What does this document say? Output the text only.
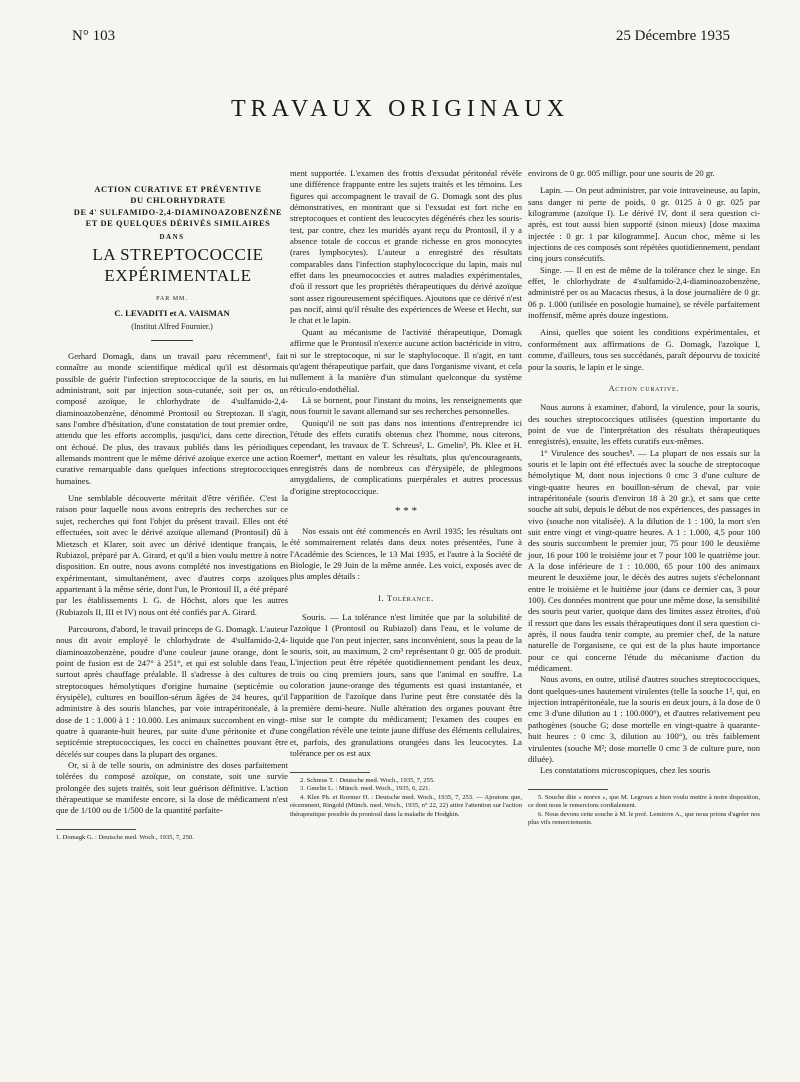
N° 103	25 Décembre 1935
TRAVAUX ORIGINAUX

ACTION CURATIVE ET PRÉVENTIVE

DU CHLORHYDRATE

DE 4' SULFAMIDO-2,4-DIAMINOAZOBENZÈNE

ET DE QUELQUES DÉRIVÉS SIMILAIRES

DANS

LA STREPTOCOCCIE

EXPÉRIMENTALE

PAR MM.
C. LEVADITI et A. VAISMAN
(Institut Alfred Fournier.)

Gerhard Domagk, dans un travail paru récemment¹, fait connaître au monde scientifique médical qu'il est désormais possible de guérir l'infection streptococcique de la souris, en lui administrant, soit par injection sous-cutanée, soit per os, un composé azoïque, le chlorhydrate de 4'sulfamido-2,4-diaminoazobenzène, dénommé Prontosil ou Streptozan. Il s'agit, sans l'ombre d'hésitation, d'une constatation de tout premier ordre, attendu que les efforts accomplis, jusqu'ici, dans cette direction, ont échoué. De plus, des travaux publiés dans les périodiques allemands montrent que le même dérivé azoïque exerce une action curative remarquable dans quelques infections streptococciques humaines.

Une semblable découverte méritait d'être vérifiée. C'est la raison pour laquelle nous avons entrepris des recherches sur ce sujet, recherches qui font l'objet du présent travail. Elles ont été effectuées, soit avec le dérivé azoïque allemand (Prontosil) dû à Mietzsch et Klarer, soit avec un dérivé identique français, le Rubiazol, préparé par A. Girard, et qu'il a bien voulu mettre à notre disposition. En outre, nous avons complété nos investigations en expérimentant, simultanément, avec d'autres corps azoïques appartenant à la même série, dont l'un, le Prontosil II, a été préparé par les établissements I. G. de Höchst, alors que les autres (Rubiazols II, III et IV) nous ont été confiés par A. Girard.

Parcourons, d'abord, le travail princeps de G. Domagk. L'auteur nous dit avoir employé le chlorhydrate de 4'sulfamido-2,4-diaminoazobenzène, poudre d'une couleur jaune orange, dont le point de fusion est de 247° à 251°, et qui est soluble dans l'eau, surtout après chauffage préalable. Il s'adresse à des cultures de streptocoques hémolytiques d'origine humaine (septicémie ou érysipèle), cultures en bouillon-sérum âgées de 24 heures, qu'il administre à des souris blanches, par voie intrapéritonéale, à la dose de 1 : 1.000 à 1 : 10.000. Les animaux succombent en vingt-quatre à quarante-huit heures, par suite d'une péritonite et d'une septicémie streptococciques, les cocci en chaînettes pouvant être décelés sur coupes dans la plupart des organes.

Or, si à de telle souris, on administre des doses parfaitement tolérées du composé azoïque, on constate, soit une survie prolongée des sujets traités, soit leur guérison définitive. L'action thérapeutique se manifeste encore, si la dose de médicament n'est que de 1/100 ou de 1/500 de la quantité parfaite-

1. Domagk G. : Deutsche med. Woch., 1935, 7, 250.

ment supportée. L'examen des frottis d'exsudat péritonéal révèle une différence frappante entre les sujets traités et les témoins. Les figures qui accompagnent le travail de G. Domagk sont des plus démonstratives, en montrant que si l'exsudat est fort riche en streptocoques et contient des leucocytes dégénérés chez les souris-test, par contre, chez les muridés ayant reçu du Prontosil, il y a absence totale de coccus et grande richesse en gros monocytes (rares lymphocytes). L'auteur a enregistré des résultats comparables dans l'infection staphylococcique du lapin, mais nul effet dans les pneumococcies et autres maladies expérimentales, d'où il ressort que les propriétés thérapeutiques du dérivé azoïque sont assez rigoureusement spécifiques. Ajoutons que ce dérivé n'est pas nocif, ainsi qu'il résulte des expériences de Weese et Hecht, sur le chat et le lapin.

Quant au mécanisme de l'activité thérapeutique, Domagk affirme que le Prontosil n'exerce aucune action bactéricide in vitro, ni sur le streptocoque, ni sur le staphylocoque. Il n'agit, en tant qu'agent thérapeutique parfait, que dans l'organisme vivant, et cela nullement à la manière d'un stimulant quelconque du système réticulo-endothélial.

Là se bornent, pour l'instant du moins, les renseignements que nous fournit le savant allemand sur ses recherches personnelles.

Quoiqu'il ne soit pas dans nos intentions d'entreprendre ici l'étude des effets curatifs obtenus chez l'homme, nous citerons, cependant, les travaux de T. Schreus², L. Gmelin³, Ph. Klee et H. Roemer⁴, mettant en valeur les résultats, plus qu'encourageants, enregistrés dans de nombreux cas d'érysipèle, de phlegmons amygdaliens, de complications puerpérales et autres processus d'origine streptococcique.

* * *

Nos essais ont été commencés en Avril 1935; les résultats ont été sommairement relatés dans deux notes présentées, l'une à l'Académie des Sciences, le 13 Mai 1935, et l'autre à la Société de Biologie, le 29 Juin de la même année. Les voici, exposés avec de plus amples détails :

I. Tolérance.

Souris. — La tolérance n'est limitée que par la solubilité de l'azoïque I (Prontosil ou Rubiazol) dans l'eau, et le volume de liquide que l'on peut injecter, sans inconvénient, sous la peau de la souris, soit, au maximum, 2 cm³ représentant 0 gr. 005 de produit. L'injection peut être répétée quotidiennement pendant les deux, trois ou cinq premiers jours, sans que l'animal en souffre. La coloration jaune-orange des téguments est quasi instantanée, et l'apparition de l'azoïque dans l'urine peut être constatée dès la première demi-heure. Nulle altération des organes pouvant être mise sur le compte du médicament; l'examen des coupes en congélation révèle une teinte jaune diffuse des éléments cellulaires, et, parfois, des granulations orangées dans les leucocytes. La tolérance per os est aux

2. Schreus T. : Deutsche med. Woch., 1935, 7, 255.

3. Gmelin L. : Münch. med. Woch., 1935, 6, 221.

4. Klee Ph. et Roemer H. : Deutsche med. Woch., 1935, 7, 253. — Ajoutons que, récemment, Ringold (Münch. med. Woch., 1935, n° 22, 22) attire l'attention sur l'action thérapeutique possible du prontosil dans la maladie de Hodgkin.

environs de 0 gr. 005 milligr. pour une souris de 20 gr.

Lapin. — On peut administrer, par voie intraveineuse, au lapin, sans danger ni perte de poids, 0 gr. 0125 à 0 gr. 025 par kilogramme (azoïque I). Le dérivé IV, dont il sera question ci-après, est tout aussi bien supporté (sinon mieux) [dose maxima injectée : 0 gr. 1 par kilogramme]. Aucun choc, même si les injections de ces composés sont répétées quotidiennement, pendant cinq jours consécutifs.

Singe. — Il en est de même de la tolérance chez le singe. En effet, le chlorhydrate de 4'sulfamido-2,4-diaminoazobenzène, administré per os au Macacus rhesus, à la dose journalière de 0 gr. 06 p. 1.000 (utilisée en posologie humaine), se révèle parfaitement inoffensif, même après douze ingestions.

Ainsi, quelles que soient les conditions expérimentales, et conformément aux affirmations de G. Domagk, l'azoïque I, comme, d'ailleurs, tous ses succédanés, paraît dépourvu de toxicité pour la souris, le lapin et le singe.

Action curative.

Nous aurons à examiner, d'abord, la virulence, pour la souris, des souches streptococciques utilisées (question importante du point de vue de l'interprétation des résultats thérapeutiques enregistrés), ensuite, les effets curatifs eux-mêmes.

1° Virulence des souches⁵. — La plupart de nos essais sur la souris et le lapin ont été effectués avec la souche de streptocoque hémolytique M, dont nous injections 0 cmc 3 d'une culture de vingt-quatre heures en bouillon-sérum de cheval, par voie intrapéritonéale (souris d'environ 18 à 20 gr.), et sans que cette souche ait subi, depuis le début de nos expériences, des passages in vivo (souche non vitalisée). A la dilution de 1 : 100, la mort s'en suit entre vingt et vingt-quatre heures. A 1 : 1.000, 4,5 pour 100 des souris succombent le premier jour, 75 pour 100 le deuxième jour, 16 pour 100 le troisième jour et 7 pour 100 le quatrième jour. A la dose inférieure de 1 : 10.000, 65 pour 100 des animaux meurent le deuxième jour, le décès des autres sujets s'échelonnant entre le troisième et le huitième jour (dans ce dernier cas, 3 pour 100). Ces données montrent que pour une même dose, la sensibilité des souris peut varier, quoique dans des limites assez étroites, d'où il ressort que dans les essais thérapeutiques dont il sera question ci-après, il nous faudra tenir compte, au premier chef, de la nature naturelle de l'organisme, ce qui est de la plus haute importance pour ce qui concerne l'étude du mécanisme d'action du médicament.

Nous avons, en outre, utilisé d'autres souches streptococciques, dont quelques-unes hautement virulentes (telle la souche 1², qui, en injection intrapéritonéale, tue la souris en deux jours, à la dose de 0 cmc 3 d'une dilution au 1 : 100.000⁶), et d'autres relativement peu pathogènes (souche G; dose mortelle en vingt-quatre à quarante-huit heures : 0 cmc 3, dilution au 100°), ou très faiblement virulentes (souche M²; dose mortelle 0 cmc 3 de culture pure, non diluée).

Les constatations microscopiques, chez les souris

5. Souche dite « morve », que M. Legroux a bien voulu mettre à notre disposition, ce dont nous le remercions cordialement.

6. Nous devons cette souche à M. le prof. Lemierre A., que nous prions d'agréer nos plus vifs remerciements.
